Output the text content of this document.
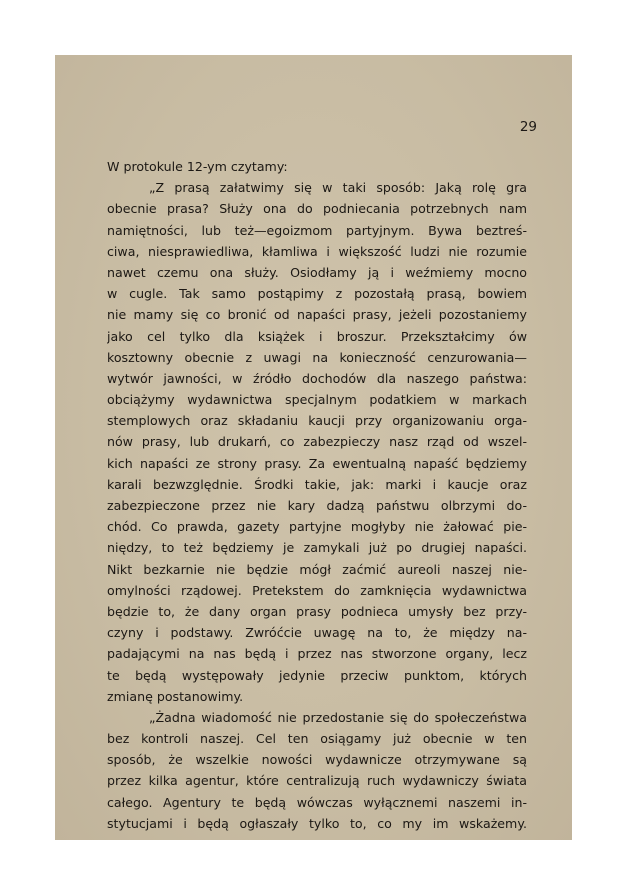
29
W protokule 12-ym czytamy:
„Z prasą załatwimy się w taki sposób: Jaką rolę gra
obecnie prasa? Służy ona do podniecania potrzebnych nam
namiętności, lub też—egoizmom partyjnym. Bywa beztreś-
ciwa, niesprawiedliwa, kłamliwa i większość ludzi nie rozumie
nawet czemu ona służy. Osiodłamy ją i weźmiemy mocno
w cugle. Tak samo postąpimy z pozostałą prasą, bowiem
nie mamy się co bronić od napaści prasy, jeżeli pozostaniemy
jako cel tylko dla książek i broszur. Przekształcimy ów
kosztowny obecnie z uwagi na konieczność cenzurowania—
wytwór jawności, w źródło dochodów dla naszego państwa:
obciążymy wydawnictwa specjalnym podatkiem w markach
stemplowych oraz składaniu kaucji przy organizowaniu orga-
nów prasy, lub drukarń, co zabezpieczy nasz rząd od wszel-
kich napaści ze strony prasy. Za ewentualną napaść będziemy
karali bezwzględnie. Środki takie, jak: marki i kaucje oraz
zabezpieczone przez nie kary dadzą państwu olbrzymi do-
chód. Co prawda, gazety partyjne mogłyby nie żałować pie-
niędzy, to też będziemy je zamykali już po drugiej napaści.
Nikt bezkarnie nie będzie mógł zaćmić aureoli naszej nie-
omylności rządowej. Pretekstem do zamknięcia wydawnictwa
będzie to, że dany organ prasy podnieca umysły bez przy-
czyny i podstawy. Zwróćcie uwagę na to, że między na-
padającymi na nas będą i przez nas stworzone organy, lecz
te będą występowały jedynie przeciw punktom, których
zmianę postanowimy.
„Żadna wiadomość nie przedostanie się do społeczeństwa
bez kontroli naszej. Cel ten osiągamy już obecnie w ten
sposób, że wszelkie nowości wydawnicze otrzymywane są
przez kilka agentur, które centralizują ruch wydawniczy świata
całego. Agentury te będą wówczas wyłącznemi naszemi in-
stytucjami i będą ogłaszały tylko to, co my im wskażemy.
